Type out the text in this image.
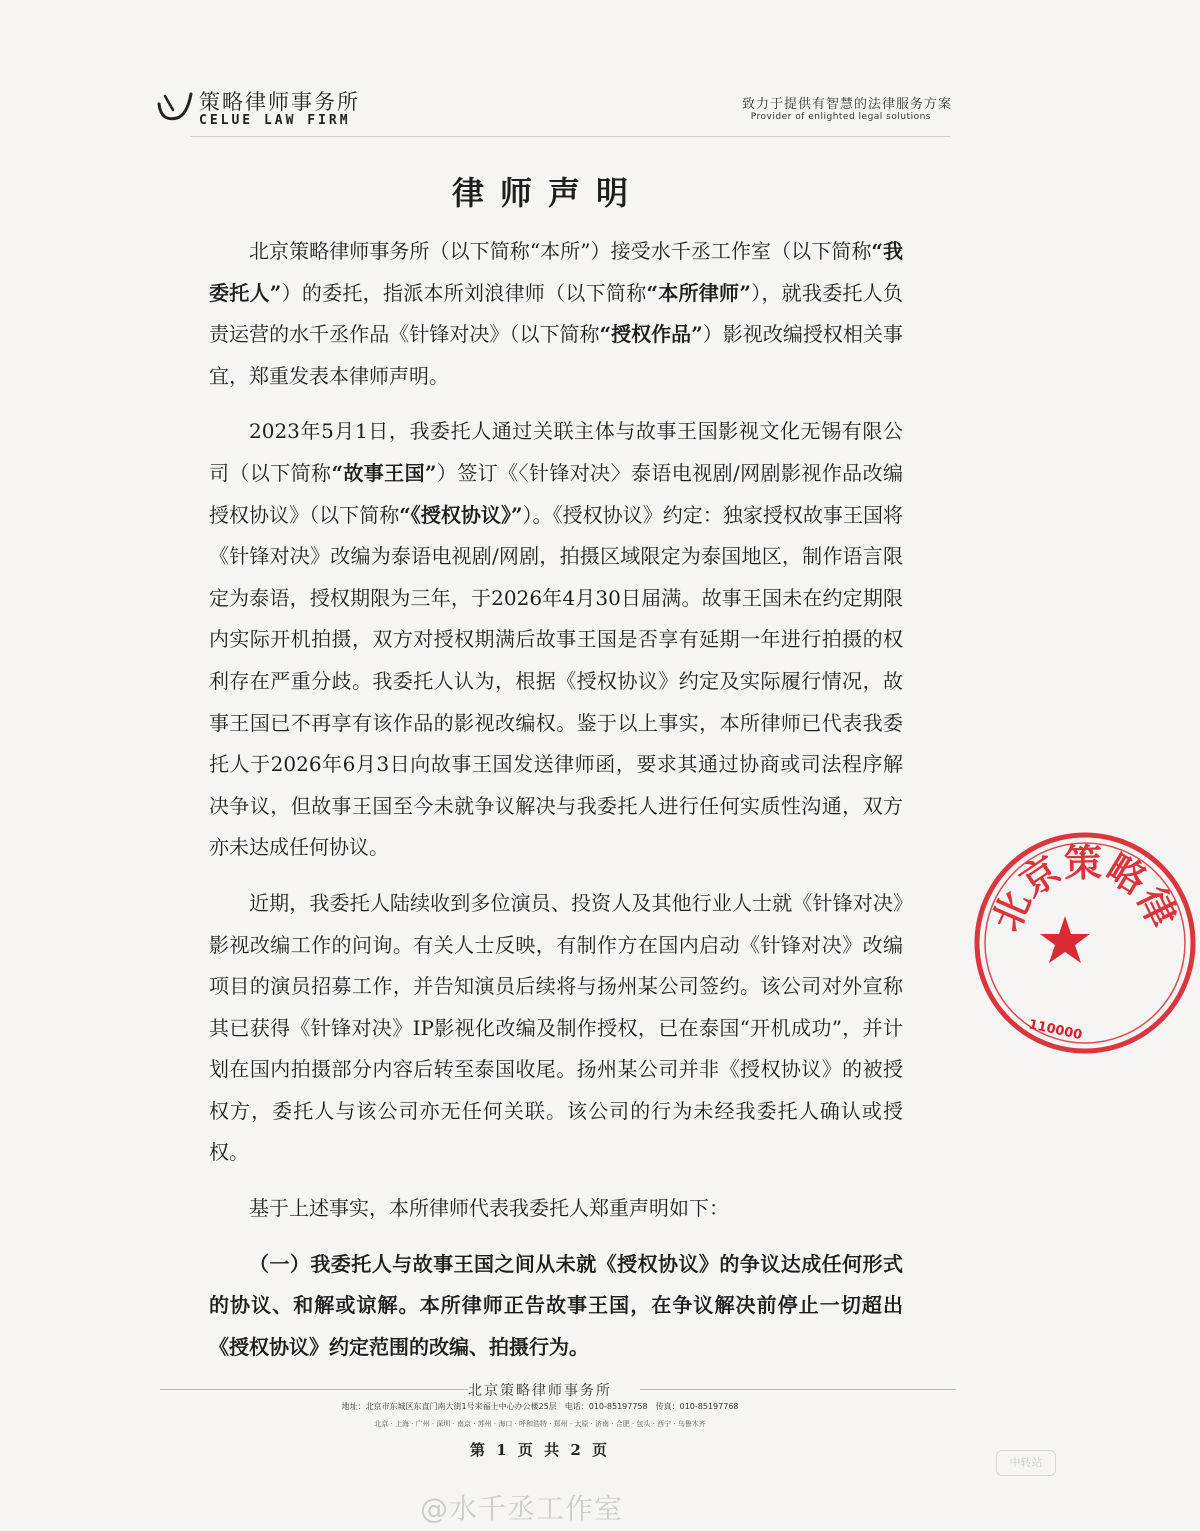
策略律师事务所
CELUE LAW FIRM
致力于提供有智慧的法律服务方案
Provider of enlighted legal solutions
律师声明

北京策略律师事务所（以下简称“本所”）接受水千丞工作室（以下简称“我委托人”）的委托，指派本所刘浪律师（以下简称“本所律师”），就我委托人负责运营的水千丞作品《针锋对决》（以下简称“授权作品”）影视改编授权相关事宜，郑重发表本律师声明。

2023年5月1日，我委托人通过关联主体与故事王国影视文化无锡有限公司（以下简称“故事王国”）签订《〈针锋对决〉泰语电视剧/网剧影视作品改编授权协议》（以下简称“《授权协议》”）。《授权协议》约定：独家授权故事王国将《针锋对决》改编为泰语电视剧/网剧，拍摄区域限定为泰国地区，制作语言限定为泰语，授权期限为三年，于2026年4月30日届满。故事王国未在约定期限内实际开机拍摄，双方对授权期满后故事王国是否享有延期一年进行拍摄的权利存在严重分歧。我委托人认为，根据《授权协议》约定及实际履行情况，故事王国已不再享有该作品的影视改编权。鉴于以上事实，本所律师已代表我委托人于2026年6月3日向故事王国发送律师函，要求其通过协商或司法程序解决争议，但故事王国至今未就争议解决与我委托人进行任何实质性沟通，双方亦未达成任何协议。

近期，我委托人陆续收到多位演员、投资人及其他行业人士就《针锋对决》影视改编工作的问询。有关人士反映，有制作方在国内启动《针锋对决》改编项目的演员招募工作，并告知演员后续将与扬州某公司签约。该公司对外宣称其已获得《针锋对决》IP影视化改编及制作授权，已在泰国“开机成功”，并计划在国内拍摄部分内容后转至泰国收尾。扬州某公司并非《授权协议》的被授权方，委托人与该公司亦无任何关联。该公司的行为未经我委托人确认或授权。

基于上述事实，本所律师代表我委托人郑重声明如下：

（一）我委托人与故事王国之间从未就《授权协议》的争议达成任何形式的协议、和解或谅解。本所律师正告故事王国，在争议解决前停止一切超出《授权协议》约定范围的改编、拍摄行为。

北京策略律
110000
北京策略律师事务所
地址：北京市东城区东直门南大街1号来福士中心办公楼25层　电话：010-85197758　传真：010-85197768
北京 · 上海 · 广州 · 深圳 · 南京 · 苏州 · 海口 · 呼和浩特 · 郑州 · 太原 · 济南 · 合肥 · 包头 · 西宁 · 乌鲁木齐
第 1 页 共 2 页
@水千丞工作室
中转站
